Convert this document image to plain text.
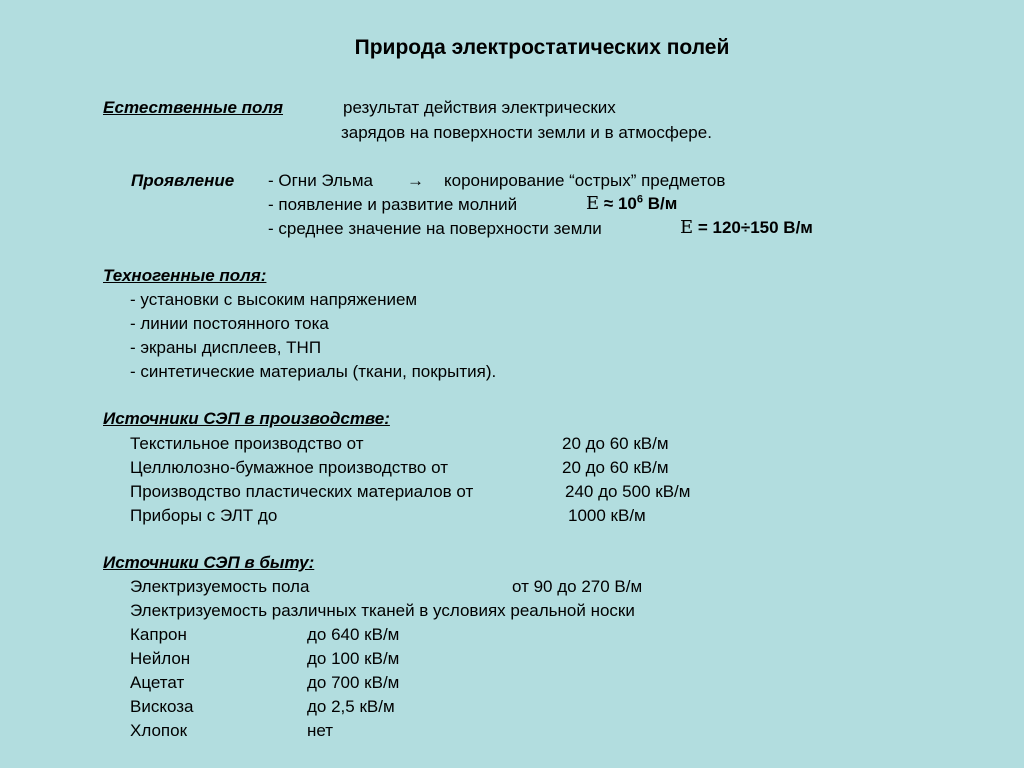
Природа электростатических полей
Естественные поля	результат действия электрических
зарядов на поверхности земли и в атмосфере.
Проявление - Огни Эльма → коронирование “острых” предметов
- появление и развитие молний	$E \approx 10^6$ В/м
- среднее значение на поверхности земли	E = 120÷150 В/м
Техногенные поля:
- установки с высоким напряжением
- линии постоянного тока
- экраны дисплеев, ТНП
- синтетические материалы (ткани, покрытия).
Источники СЭП в производстве:
Текстильное производство от	20 до 60 кВ/м
Целлюлозно-бумажное производство от	20 до 60 кВ/м
Производство пластических материалов от	240 до 500 кВ/м
Приборы с ЭЛТ до	1000 кВ/м
Источники СЭП в быту:
Электризуемость пола	от 90 до 270 В/м
Электризуемость различных тканей в условиях реальной носки
Капрон	до 640 кВ/м
Нейлон	до 100 кВ/м
Ацетат	до 700 кВ/м
Вискоза	до 2,5 кВ/м
Хлопок	нет
